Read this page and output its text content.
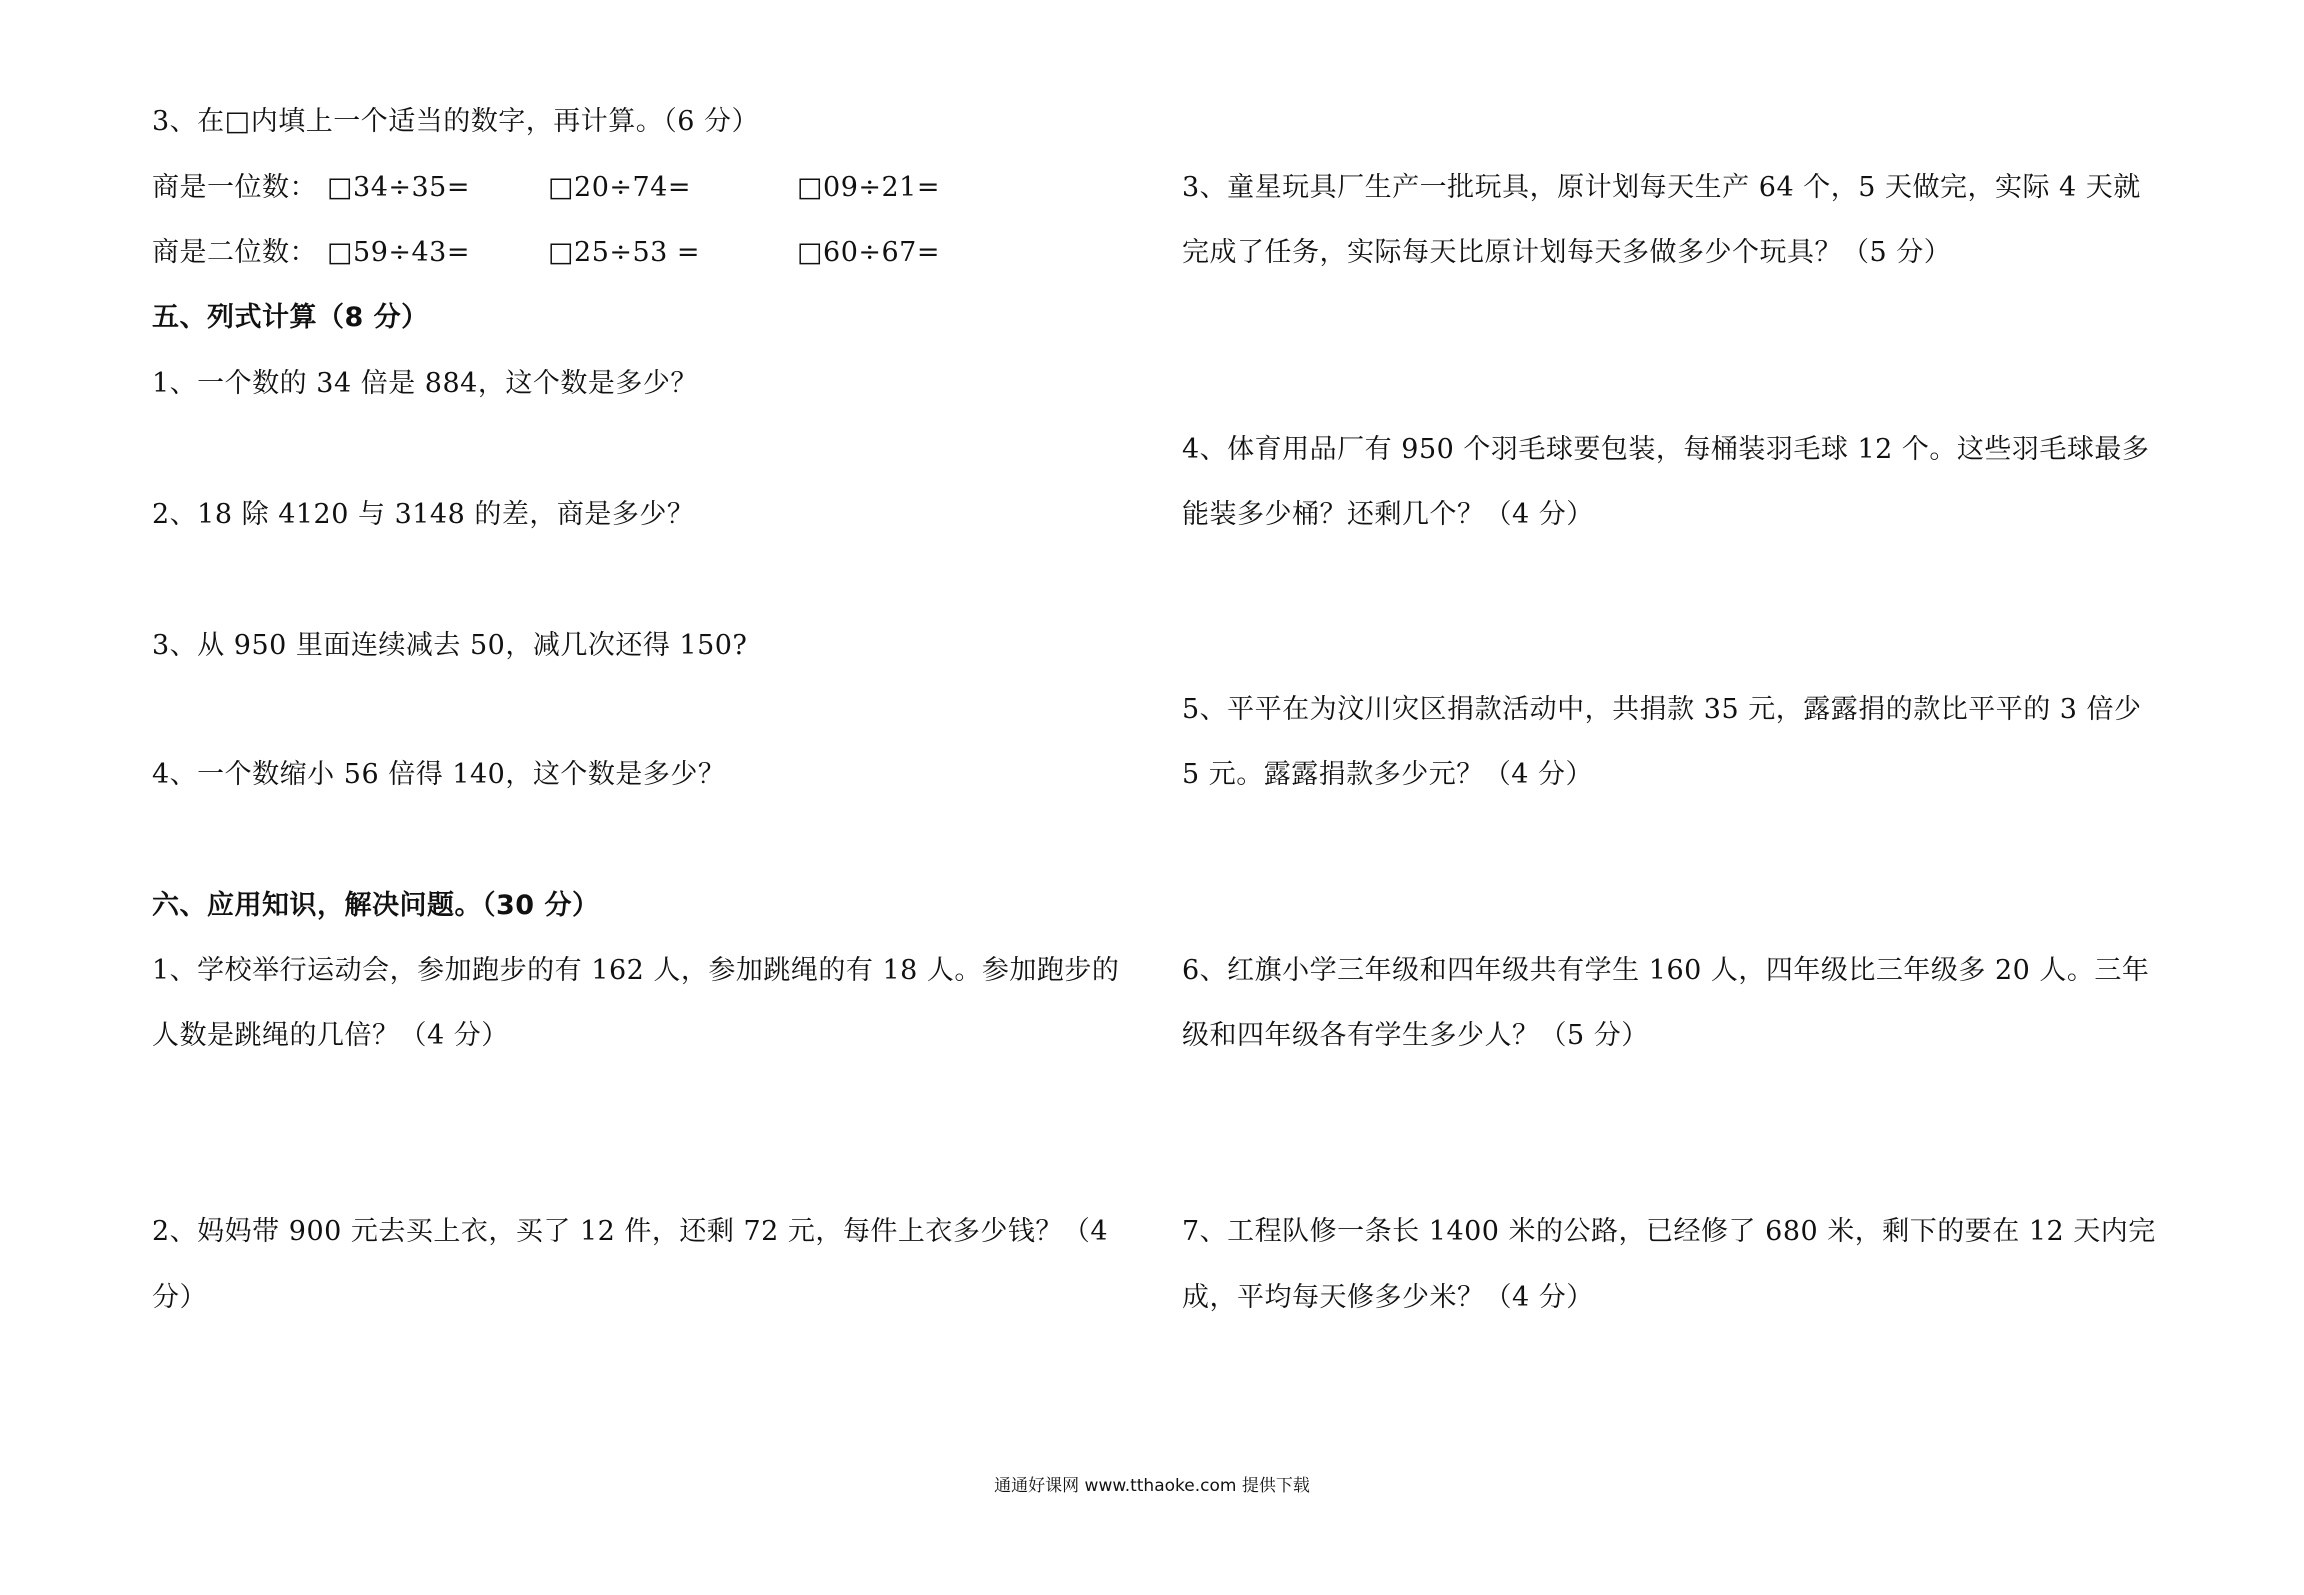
3、在□内填上一个适当的数字，再计算。（6 分）
商是一位数： □34÷35=	□20÷74=	□09÷21=
商是二位数： □59÷43=	□25÷53 =	□60÷67=
五、列式计算（8 分）
1、一个数的 34 倍是 884，这个数是多少？
2、18 除 4120 与 3148 的差，商是多少？
3、从 950 里面连续减去 50，减几次还得 150?
4、一个数缩小 56 倍得 140，这个数是多少？
六、应用知识，解决问题。（30 分）
1、学校举行运动会，参加跑步的有 162 人，参加跳绳的有 18 人。参加跑步的
人数是跳绳的几倍？（4 分）
2、妈妈带 900 元去买上衣，买了 12 件，还剩 72 元，每件上衣多少钱？（4
分）
3、童星玩具厂生产一批玩具，原计划每天生产 64 个，5 天做完，实际 4 天就
完成了任务，实际每天比原计划每天多做多少个玩具？（5 分）
4、体育用品厂有 950 个羽毛球要包装，每桶装羽毛球 12 个。这些羽毛球最多
能装多少桶？还剩几个？（4 分）
5、平平在为汶川灾区捐款活动中，共捐款 35 元，露露捐的款比平平的 3 倍少
5 元。露露捐款多少元？（4 分）
6、红旗小学三年级和四年级共有学生 160 人，四年级比三年级多 20 人。三年
级和四年级各有学生多少人？（5 分）
7、工程队修一条长 1400 米的公路，已经修了 680 米，剩下的要在 12 天内完
成，平均每天修多少米？（4 分）
通通好课网 www.tthaoke.com 提供下载
